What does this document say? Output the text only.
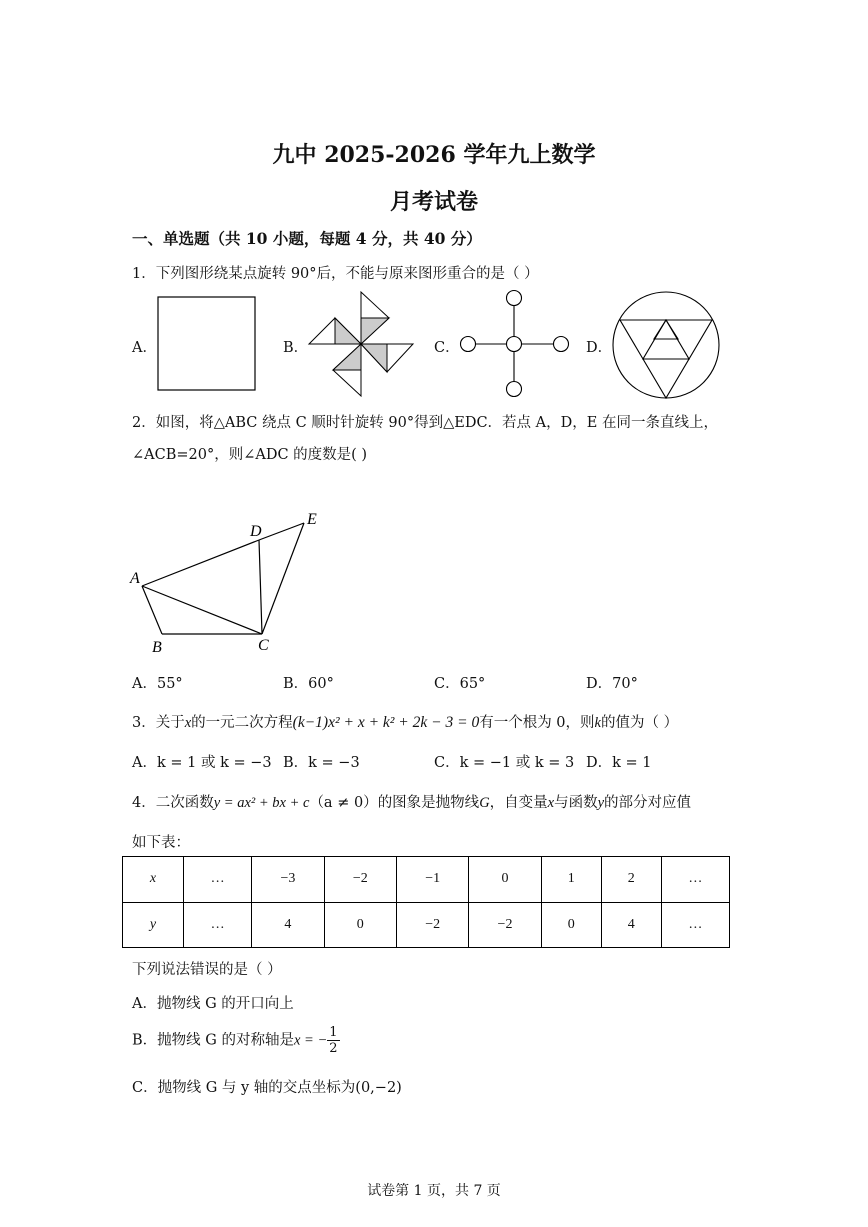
九中 2025-2026 学年九上数学
月考试卷
一、单选题（共 10 小题，每题 4 分，共 40 分）
1．下列图形绕某点旋转 90°后，不能与原来图形重合的是（ ）
A．	B．	C．	D．
2．如图，将△ABC 绕点 C 顺时针旋转 90°得到△EDC．若点 A，D，E 在同一条直线上，
∠ACB=20°，则∠ADC 的度数是( )
A
B	C
D
E
A．55°	B．60°	C．65°	D．70°
3．关于x的一元二次方程(k−1)x² + x + k² + 2k − 3 = 0有一个根为 0，则k的值为（ ）
A．k = 1 或 k = −3 B．k = −3	C．k = −1 或 k = 3 D．k = 1
4．二次函数y = ax² + bx + c（a ≠ 0）的图象是抛物线G，自变量x与函数y的部分对应值
如下表：
x	…	−3	−2	−1	0	1	2	…
y	…	4	0	−2	−2	0	4	…
下列说法错误的是（ ）
A．抛物线 G 的开口向上
B．抛物线 G 的对称轴是x = − $\frac{1}{2}$
C．抛物线 G 与 y 轴的交点坐标为(0,−2)
试卷第 1 页，共 7 页
